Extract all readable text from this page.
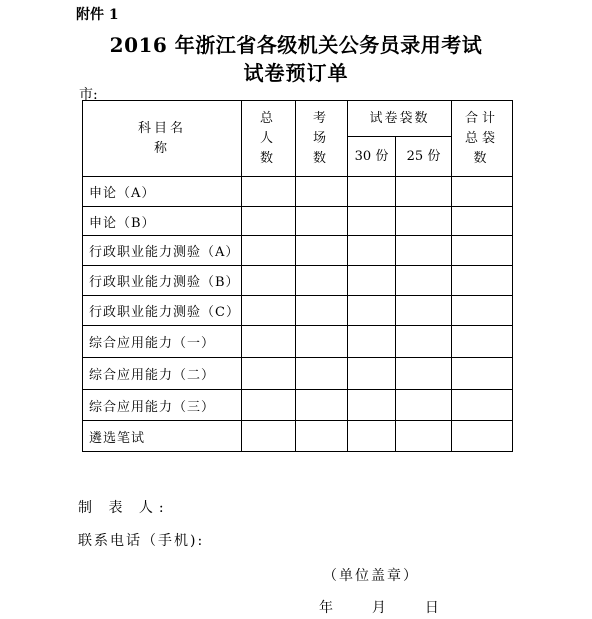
附件 1
2016 年浙江省各级机关公务员录用考试
试卷预订单
市:
科目名称	总人数	考场数	试卷袋数		合计总袋数
			30 份	25 份	
申论（A）					
申论（B）					
行政职业能力测验（A）					
行政职业能力测验（B）					
行政职业能力测验（C）					
综合应用能力（一）					
综合应用能力（二）					
综合应用能力（三）					
遴选笔试					
制 表 人:
联系电话（手机):
（单位盖章）
年	月	日
